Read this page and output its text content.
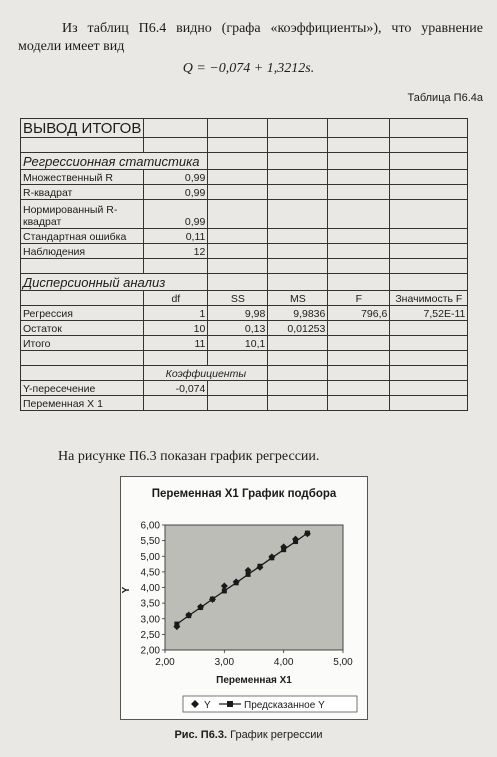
Из таблиц П6.4 видно (графа «коэффициенты»), что уравнение модели имеет вид
Q = −0,074 + 1,3212s.
Таблица П6.4a
ВЫВОД ИТОГОВ					

Регрессионная статистика					
Множественный R	0,99				
R-квадрат	0,99				
Нормированный R-квадрат	0,99				
Стандартная ошибка	0,11				
Наблюдения	12				

Дисперсионный анализ					
	df	SS	MS	F	Значимость F
Регрессия	1	9,98	9,9836	796,6	7,52E-11
Остаток	10	0,13	0,01253		
Итого	11	10,1			

	Коэффициенты				
Y-пересечение	-0,074				
Переменная X 1					
На рисунке П6.3 показан график регрессии.
Переменная X1 График подбора
2,00
2,50
3,00
3,50
4,00
4,50
5,00
5,50
6,00
2,00	3,00	4,00	5,00
Y
Переменная X1
Y	Предсказанное Y
Рис. П6.3. График регрессии
